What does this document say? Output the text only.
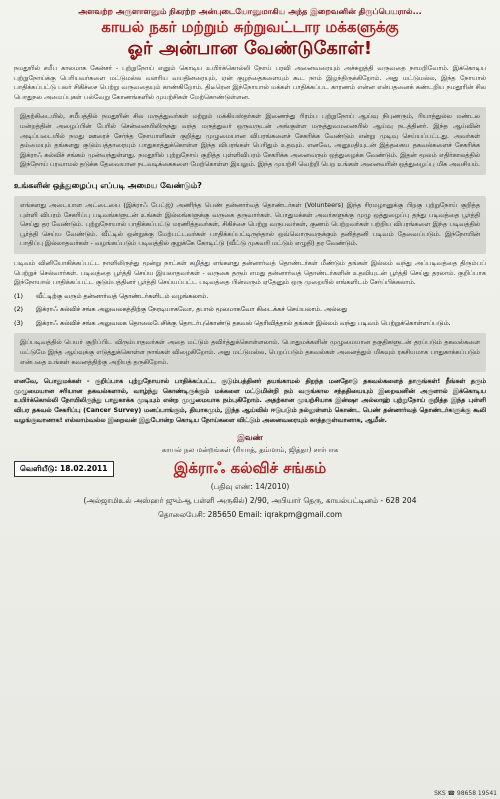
அளவற்ற அருளாளனும் நிகரற்ற அன்புடையோனுமாகிய அந்த இறைவனின் திருப்பெயரால்...
காயல் நகர் மற்றும் சுற்றுவட்டார மக்களுக்கு
ஓர் அன்பான வேண்டுகோள்!

நமதூரில் சமீப காலமாக கேன்சர் - புற்றுநோய் எனும் கொடிய உயிர்க்கொல்லி நோய் பரவி அனைவரையும் அச்சுறுத்தி வருவதை நாமறிவோம். இக்கொடிய புற்றுநோய்க்கு பெரியவர்களை மட்டுமல்ல வளரிய வயதினரையும், ஏன் குழந்தைகளையும் கூட நாம் இழந்திருக்கிறோம். அது மட்டுமல்ல, இந்த நோயால் பாதிக்கப்பட்டு பலர் சிகிச்சை பெற்று வருவதையும் காண்கிறோம். திடீரென இந்நோயால் மக்கள் பாதிக்கப்பட காரணம் என்ன என்பதனைக் கண்டறிய நமதூரின் சில பொதுநல அமைப்புகள் பல்வேறு கோணங்களில் முயற்சிகள் மேற்கொண்டுள்ளன.

இதற்கிடையில், சமீபத்தில் நமதூரின் சில மருத்துவர்கள் மற்றும் மக்கியஸ்தர்கள் இணைந்து ரிரம்ப புற்றுநோய் ஆய்வு நிபுணரும், ரியாத்துல்ல மண்டல மன்றத்தின் அழைப்பின் பேரில் சென்னையிலிருந்து வந்த மருத்துவர் ஒருவருடன் அங்குள்ள மருத்துவமனையில் ஆய்வு நடத்தினர். இந்த ஆய்வின் அடிப்படையில் நமது ஊரைச் சேர்ந்த நோயாளிகள் குறித்து முழுமையான விபரங்களைச் சேகரிக்க வேண்டும் என்று முடிவு செய்யப்பட்டது. அவர்கள் தம்மையும் தங்களது குடும்பத்தாரையும் பாதுகாத்துக்கொள்ள இந்த விபரங்கள் பெரிதும் உதவும். எனவே, அனுமதியுடன் இத்தகைய தகவல்களைச் சேகரிக்க இக்ராஃ கல்விச் சங்கம் முன்வந்துள்ளது. நமதூரில் புற்றுநோய் குறித்த புள்ளிவிபரம் சேகரிக்க அனைவரும் ஒத்துழைக்க வேண்டும். இதன் மூலம் எதிர்காலத்தில் இந்நோய் பரவாமல் தடுக்க தேவையான நடவடிக்கைகளை மேற்கொள்ள இயலும். இந்த முயற்சி வெற்றி பெற உங்கள் அனைவரின் ஒத்துழைப்பு மிக அவசியம்.

உங்களின் ஒத்துழைப்பு எப்படி அமைய வேண்டும்?

எங்களது அடையாள அட்டையை (இக்ராஃ பேட்ஜ்) அணிந்த பெண் தன்னார்வத் தொண்டர்கள் (Volunteers) இந்த ரிரமழானுக்கு பிறகு புற்றுநோய் குறித்த புள்ளி விபரம் சேகரிப்பு படிவங்களுடன் உங்கள் இல்லங்களுக்கு வருகை தருவார்கள். பொதுமக்கள் அவர்களுக்கு முழு ஒத்துழைப்பு தந்து படிவத்தை பூர்த்தி செய்து தர வேண்டும். புற்றுநோயால் பாதிக்கப்பட்டு மரணித்தவர்கள், சிகிச்சை பெற்று வருபவர்கள், குணம் பெற்றவர்கள் பற்றிய விபரங்களை இந்த படிவத்தில் பூர்த்தி செய்ய வேண்டும். வீட்டில் ஒன்றுக்கு மேற்பட்டவர்கள் பாதிக்கப்பட்டிருந்தால் ஒவ்வொருவருக்கும் தனித்தனி படிவம் தேவைப்படும். இந்நோயின் பாதிப்பு இல்லாதவர்கள் - வழங்கப்படும் படிவத்தில் குறுக்கே கோடிட்டு (வீட்டு முகவரி மட்டும் எழுதி) தர வேண்டும்.

படிவம் வினியோகிக்கப்பட்ட நாளிலிருந்து மூன்று நாட்கள் கழித்து எங்களது தன்னார்வத் தொண்டர்கள் மீண்டும் தங்கள் இல்லம் வந்து அப்படிவத்தை திரும்பப் பெற்றுச் செல்வார்கள். படிவத்தை பூர்த்தி செய்ய இயலாதவர்கள் - வருகை தரும் எமது தன்னார்வத் தொண்டர்களின் உதவியுடன் பூர்த்தி செய்து தரலாம். குறிப்பாக இந்நோயால் பாதிக்கப்பட்ட குடும்பத்தினர் பூர்த்தி செய்யப்பட்ட படிவத்தை பின்வரும் ஏதேனும் ஒரு முறையில் எங்களிடம் சேர்ப்பிக்கலாம்.

(1)	வீட்டிற்கு வரும் தன்னார்வத் தொண்டர்களிடம் வழங்கலாம்.
(2)	இக்ராஃ கல்விச் சங்க அலுவலகத்திற்கு நேரடியாகவோ, தபால் மூலமாகவோ கிடைக்கச் செய்யலாம். அல்லது
(3)	இக்ராஃ கல்விச் சங்க அலுவலக தொலைபேசிக்கு தொடர்புகொண்டு தகவல் தெரிவித்தால் தங்கள் இல்லம் வந்து படிவம் பெற்றுக்கொள்ளப்படும்.

இப்படிவத்தில் பெயர் குறிப்பிட விரும்பாதவர்கள் அதை மட்டும் தவிர்த்துக்கொள்ளலாம். பொதுமக்களின் முழுமையான தகுதிகளுடன் தரப்படும் தகவல்களை மட்டுமே இந்த ஆய்வுக்கு எடுத்துக்கொள்ள நாங்கள் விழைகிறோம். அது மட்டுமல்ல, பெறப்படும் தகவல்கள் அனைத்தும் மிகவும் ரகசியமாக பாதுகாக்கப்படும் என்பதை உங்கள் கவனத்திற்கு அறியத் தருகிறோம்.

எனவே, பொதுமக்கள் - குறிப்பாக புற்றுநோயால் பாதிக்கப்பட்ட குடும்பத்தினர் தயங்காமல் திறந்த மனதோடு தகவல்களைத் தாருங்கள்! நீங்கள் தரும் முழுமையான சரியான தகவல்களால், வாழ்ந்து கொண்டிருக்கும் மக்களை மட்டுமின்றி நம் வருங்கால சந்ததியையும் இறைவனின் அருளால் இக்கொடிய உயிர்க்கொல்லி நோயிலிருந்து பாதுகாக்க முடியும் என்ற முழுமையாக நம்புகிறோம். அதற்கான முயற்சியாக இன்ஷா அல்லாஹ் புற்றுநோய் குறித்த இந்த புள்ளி விபர தகவல் சேகரிப்பு (Cancer Survey) மனப்பாங்கும், தியாகமும், இந்த ஆய்வில் ஈடுபடும் நல்லுள்ளம் கொண்ட பெண் தன்னார்வத் தொண்டர்களுக்கு கூலி வழங்குவானாக! எல்லாம்வல்ல இறைவன் இதுபோன்ற கொடிய நோய்களை விட்டும் அனைவரையும் காத்தருள்வானாக, ஆமீன்.

இவண்
காயல் நல மன்றங்கள் (ரியாத், தம்மாம், ஜித்தா) சார்பாக
வெளியீடு: 18.02.2011	இக்ராஃ கல்விச் சங்கம்
(பதிவு எண்: 14/2010)
(அல்ஜாமிஉல் அஸ்ஹர் ஜும்ஆ பள்ளி அருகில்) 2/90, அபியார் தெரு, காயல்பட்டினம் - 628 204
தொலைபேசி: 285650 Email: iqrakpm@gmail.com
SKS ☎ 98658 19541
